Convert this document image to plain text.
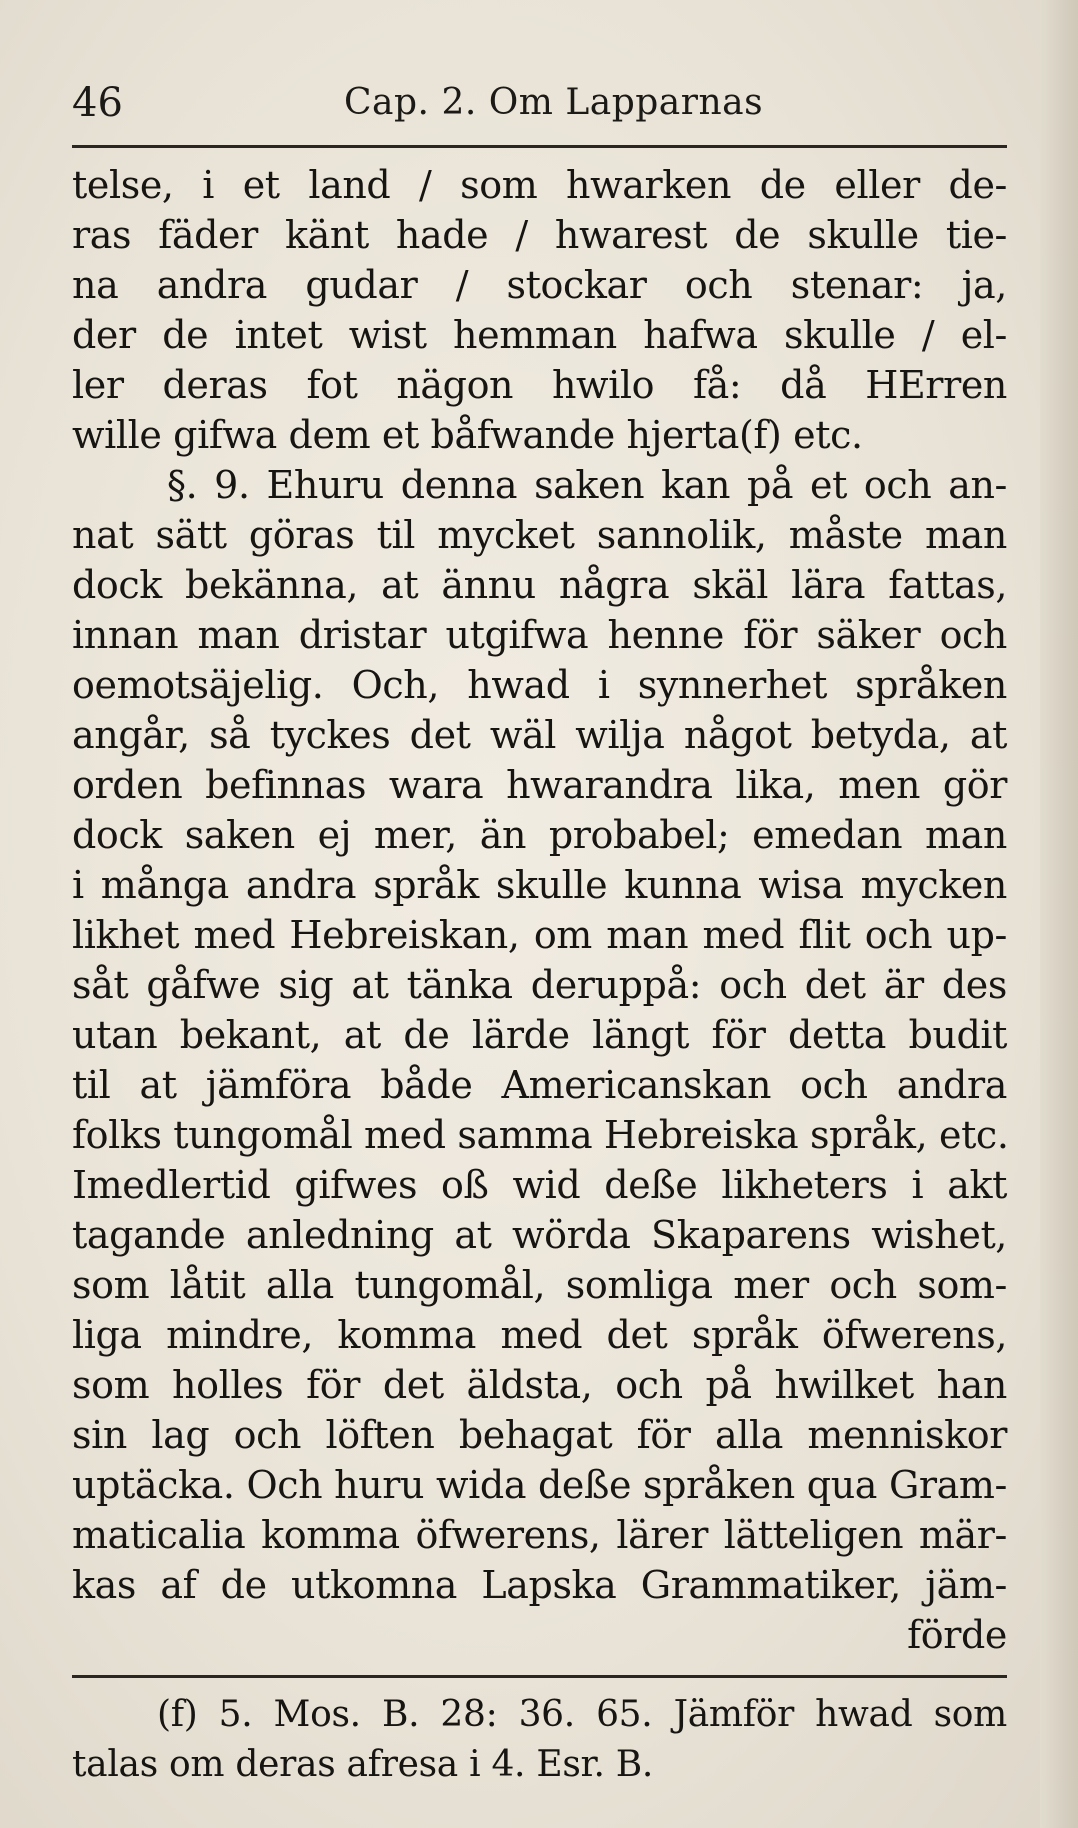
46	Cap. 2. Om Lapparnas
telse, i et land / som hwarken de eller de-
ras fäder känt hade / hwarest de skulle tie-
na andra gudar / stockar och stenar: ja,
der de intet wist hemman hafwa skulle / el-
ler deras fot nägon hwilo få: då HErren
wille gifwa dem et båfwande hjerta(f) etc.
§. 9. Ehuru denna saken kan på et och an-
nat sätt göras til mycket sannolik, måste man
dock bekänna, at ännu några skäl lära fattas,
innan man dristar utgifwa henne för säker och
oemotsäjelig. Och, hwad i synnerhet språken
angår, så tyckes det wäl wilja något betyda, at
orden befinnas wara hwarandra lika, men gör
dock saken ej mer, än probabel; emedan man
i många andra språk skulle kunna wisa mycken
likhet med Hebreiskan, om man med flit och up-
såt gåfwe sig at tänka deruppå: och det är des
utan bekant, at de lärde längt för detta budit
til at jämföra både Americanskan och andra
folks tungomål med samma Hebreiska språk, etc.
Imedlertid gifwes oß wid deße likheters i akt
tagande anledning at wörda Skaparens wishet,
som låtit alla tungomål, somliga mer och som-
liga mindre, komma med det språk öfwerens,
som holles för det äldsta, och på hwilket han
sin lag och löften behagat för alla menniskor
uptäcka. Och huru wida deße språken qua Gram-
maticalia komma öfwerens, lärer lätteligen mär-
kas af de utkomna Lapska Grammatiker, jäm-
förde
(f) 5. Mos. B. 28: 36. 65. Jämför hwad som
talas om deras afresa i 4. Esr. B.
